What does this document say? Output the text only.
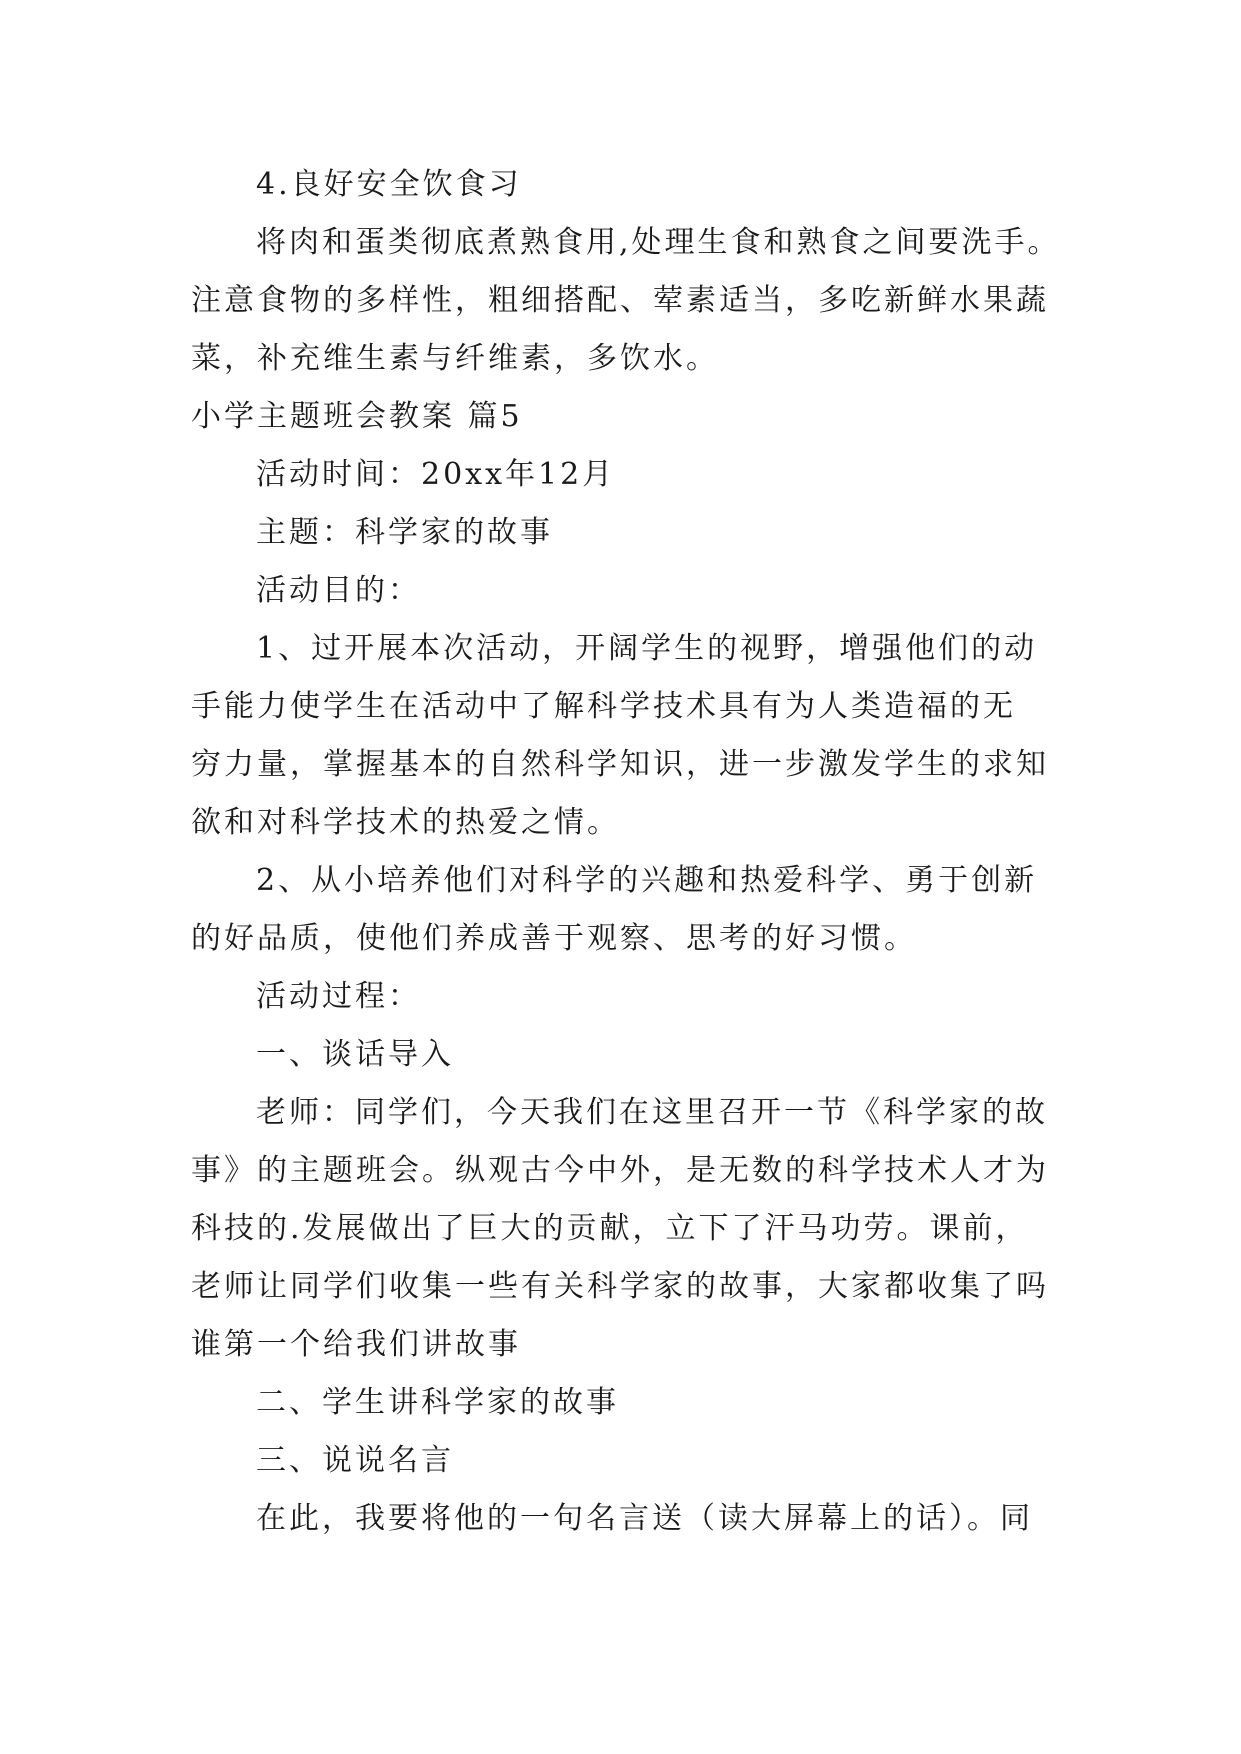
4.良好安全饮食习
将肉和蛋类彻底煮熟食用,处理生食和熟食之间要洗手。
注意食物的多样性，粗细搭配、荤素适当，多吃新鲜水果蔬
菜，补充维生素与纤维素，多饮水。
小学主题班会教案 篇5
活动时间：20xx年12月
主题：科学家的故事
活动目的：
1、过开展本次活动，开阔学生的视野，增强他们的动
手能力使学生在活动中了解科学技术具有为人类造福的无
穷力量，掌握基本的自然科学知识，进一步激发学生的求知
欲和对科学技术的热爱之情。
2、从小培养他们对科学的兴趣和热爱科学、勇于创新
的好品质，使他们养成善于观察、思考的好习惯。
活动过程：
一、谈话导入
老师：同学们，今天我们在这里召开一节《科学家的故
事》的主题班会。纵观古今中外，是无数的科学技术人才为
科技的.发展做出了巨大的贡献，立下了汗马功劳。课前，
老师让同学们收集一些有关科学家的故事，大家都收集了吗
谁第一个给我们讲故事
二、学生讲科学家的故事
三、说说名言
在此，我要将他的一句名言送（读大屏幕上的话）。同
